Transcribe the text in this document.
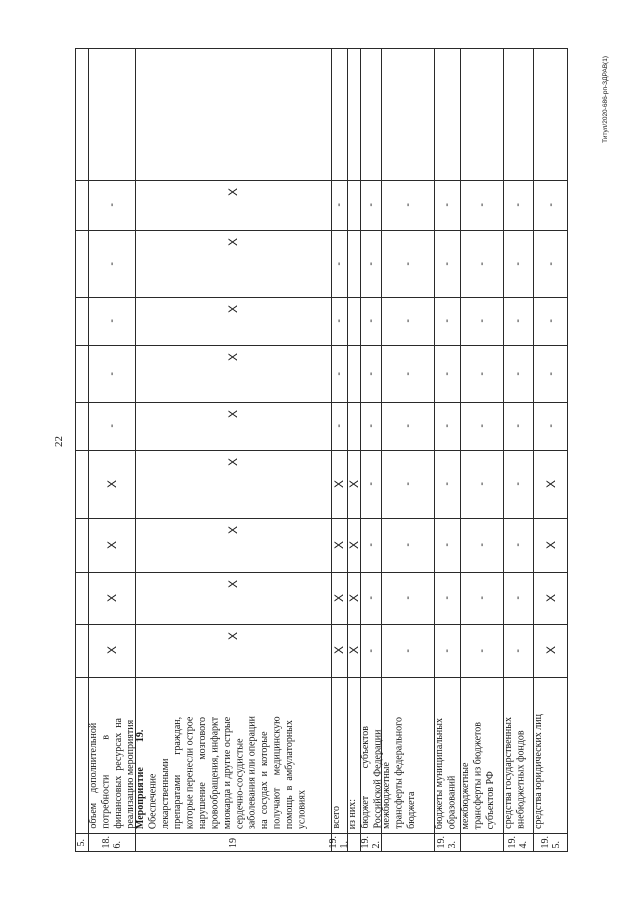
22
Титул/2020-686-рп-ЗДРАВ(1)
5. 18.
6.
объем    дополнительной
потребности              в
финансовых  ресурсах  на
реализацию мероприятия
X
X
X
X
-
-
-
-
-
19
Мероприятие          19.
Обеспечение
лекарственными
препаратами        граждан,
которые перенесли острое
нарушение         мозгового
кровообращения, инфаркт
миокарда и другие острые
сердечно-сосудистые
заболевания или операции
на  сосудах  и  которые
получают     медицинскую
помощь  в  амбулаторных
условиях
X
X
X
X
X
X
X
X
X
19.
1.
всего
X
X
X
X
-
-
-
-
-
из них:
X
X
X
X
19.
2.
бюджет           субъектов
Российской Федерации
-
-
-
-
-
-
-
-
-
межбюджетные
трансферты федерального
бюджета
-
-
-
-
-
-
-
-
-
19.
3.
бюджеты муниципальных
образований
-
-
-
-
-
-
-
-
-
межбюджетные
трансферты из бюджетов
субъектов РФ
-
-
-
-
-
-
-
-
-
19.
4.
средства государственных
внебюджетных фондов
-
-
-
-
-
-
-
-
-
19.
5.
средства юридических лиц
X
X
X
X
-
-
-
-
-
